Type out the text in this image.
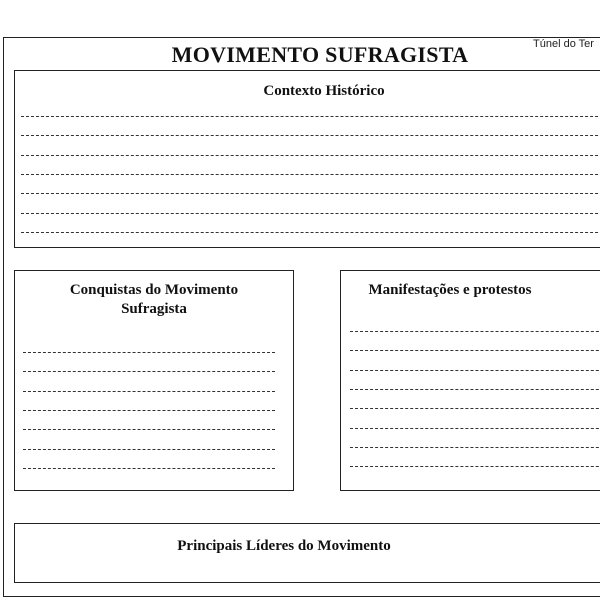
MOVIMENTO SUFRAGISTA	Túnel do Ter
Contexto Histórico
Conquistas do Movimento
Sufragista
Manifestações e protestos
Principais Líderes do Movimento
